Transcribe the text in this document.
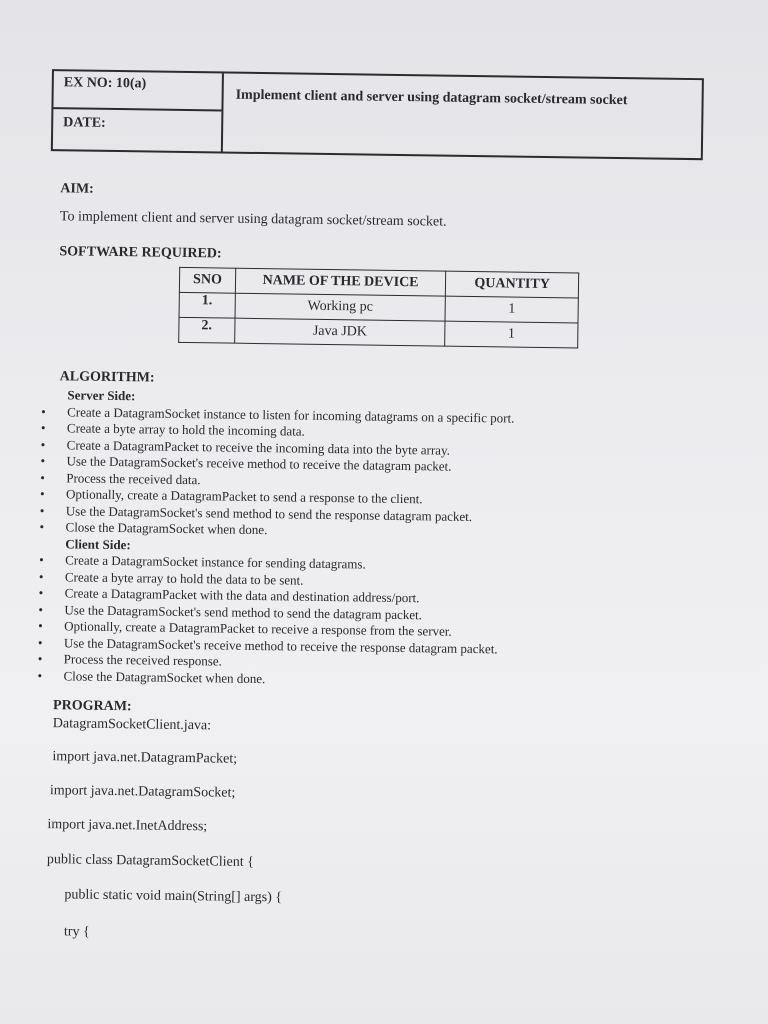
EX NO: 10(a)
DATE:
Implement client and server using datagram socket/stream socket
AIM:
To implement client and server using datagram socket/stream socket.
SOFTWARE REQUIRED:
SNO	NAME OF THE DEVICE	QUANTITY
1.	Working pc	1
2.	Java JDK	1
ALGORITHM:
Server Side:
• Create a DatagramSocket instance to listen for incoming datagrams on a specific port.
• Create a byte array to hold the incoming data.
• Create a DatagramPacket to receive the incoming data into the byte array.
• Use the DatagramSocket's receive method to receive the datagram packet.
• Process the received data.
• Optionally, create a DatagramPacket to send a response to the client.
• Use the DatagramSocket's send method to send the response datagram packet.
• Close the DatagramSocket when done.
Client Side:
• Create a DatagramSocket instance for sending datagrams.
• Create a byte array to hold the data to be sent.
• Create a DatagramPacket with the data and destination address/port.
• Use the DatagramSocket's send method to send the datagram packet.
• Optionally, create a DatagramPacket to receive a response from the server.
• Use the DatagramSocket's receive method to receive the response datagram packet.
• Process the received response.
• Close the DatagramSocket when done.
PROGRAM:
DatagramSocketClient.java:
import java.net.DatagramPacket;
import java.net.DatagramSocket;
import java.net.InetAddress;
public class DatagramSocketClient {
public static void main(String[] args) {
try {
